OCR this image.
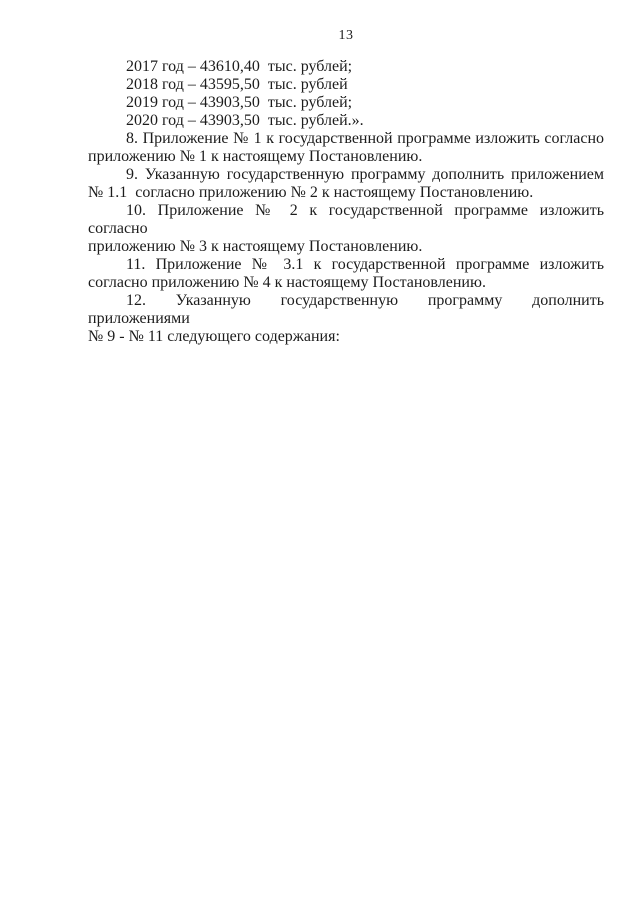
13
2017 год – 43610,40  тыс. рублей;
2018 год – 43595,50  тыс. рублей
2019 год – 43903,50  тыс. рублей;
2020 год – 43903,50  тыс. рублей.».
8. Приложение № 1 к государственной программе изложить согласно
приложению № 1 к настоящему Постановлению.
9. Указанную государственную программу дополнить приложением
№ 1.1  согласно приложению № 2 к настоящему Постановлению.
10. Приложение № 2 к государственной программе изложить согласно
приложению № 3 к настоящему Постановлению.
11. Приложение № 3.1 к государственной программе изложить
согласно приложению № 4 к настоящему Постановлению.
12. Указанную государственную программу дополнить приложениями
№ 9 - № 11 следующего содержания:
